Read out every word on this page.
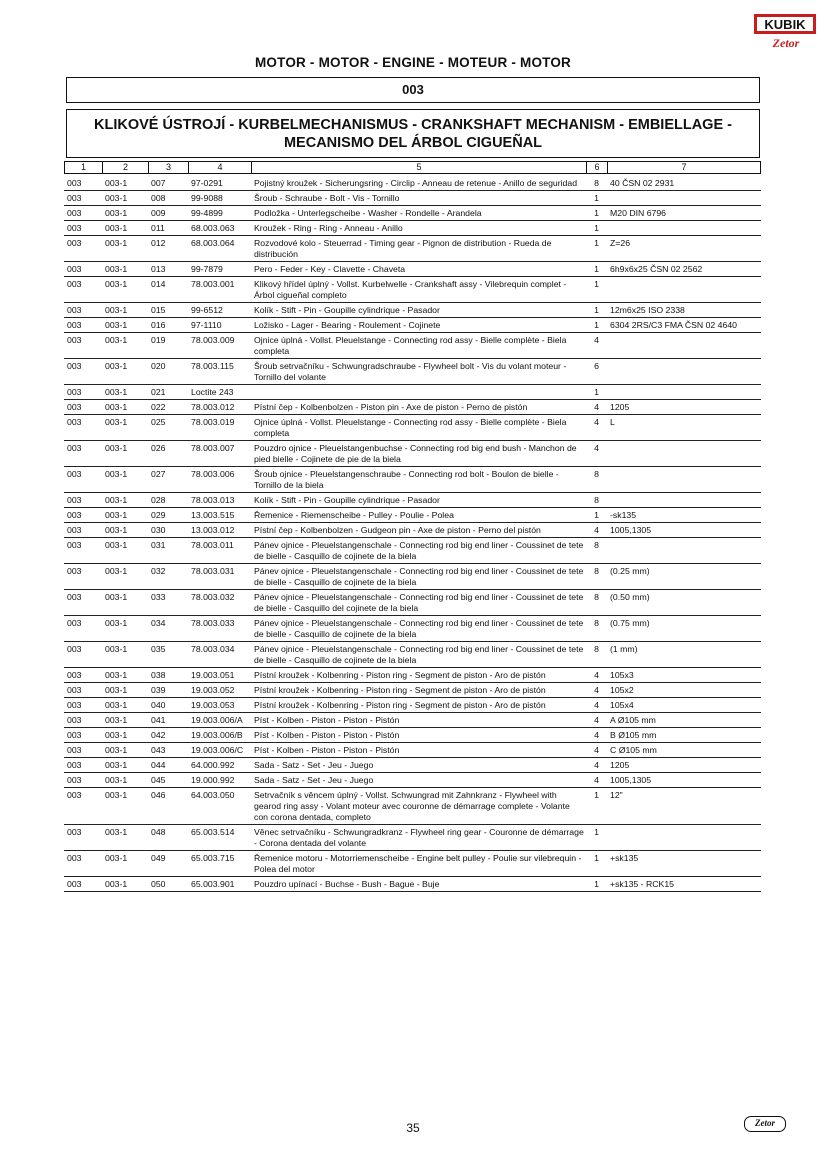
KUBIK
Zetor
MOTOR - MOTOR - ENGINE - MOTEUR - MOTOR
003
KLIKOVÉ ÚSTROJÍ - KURBELMECHANISMUS - CRANKSHAFT MECHANISM - EMBIELLAGE -
MECANISMO DEL ÁRBOL CIGUEÑAL
1	2	3	4	5	6	7
003	003-1	007	97-0291	Pojistný kroužek - Sicherungsring - Circlip - Anneau de retenue - Anillo de seguridad	8	40 ČSN 02 2931
003	003-1	008	99-9088	Šroub - Schraube - Bolt - Vis - Tornillo	1	
003	003-1	009	99-4899	Podložka - Unterlegscheibe - Washer - Rondelle - Arandela	1	M20 DIN 6796
003	003-1	011	68.003.063	Kroužek - Ring - Ring - Anneau - Anillo	1	
003	003-1	012	68.003.064	Rozvodové kolo - Steuerrad - Timing gear - Pignon de distribution - Rueda de distribución	1	Z=26
003	003-1	013	99-7879	Pero - Feder - Key - Clavette - Chaveta	1	6h9x6x25 ČSN 02 2562
003	003-1	014	78.003.001	Klikový hřídel úplný - Vollst. Kurbelwelle - Crankshaft assy - Vilebrequin complet - Árbol cigueñal completo	1	
003	003-1	015	99-6512	Kolík - Stift - Pin - Goupille cylindrique - Pasador	1	12m6x25 ISO 2338
003	003-1	016	97-1110	Ložisko - Lager - Bearing - Roulement - Cojinete	1	6304 2RS/C3 FMA ČSN 02 4640
003	003-1	019	78.003.009	Ojnice úplná - Vollst. Pleuelstange - Connecting rod assy - Bielle complète - Biela completa	4	
003	003-1	020	78.003.115	Šroub setrvačníku - Schwungradschraube - Flywheel bolt - Vis du volant moteur - Tornillo del volante	6	
003	003-1	021	Loctite 243		1	
003	003-1	022	78.003.012	Pístní čep - Kolbenbolzen - Piston pin - Axe de piston - Perno de pistón	4	1205
003	003-1	025	78.003.019	Ojnice úplná - Vollst. Pleuelstange - Connecting rod assy - Bielle complète - Biela completa	4	L
003	003-1	026	78.003.007	Pouzdro ojnice - Pleuelstangenbuchse - Connecting rod big end bush - Manchon de pied bielle - Cojinete de pie de la biela	4	
003	003-1	027	78.003.006	Šroub ojnice - Pleuelstangenschraube - Connecting rod bolt - Boulon de bielle - Tornillo de la biela	8	
003	003-1	028	78.003.013	Kolík - Stift - Pin - Goupille cylindrique - Pasador	8	
003	003-1	029	13.003.515	Řemenice - Riemenscheibe - Pulley - Poulie - Polea	1	-sk135
003	003-1	030	13.003.012	Pístní čep - Kolbenbolzen - Gudgeon pin - Axe de piston - Perno del pistón	4	1005,1305
003	003-1	031	78.003.011	Pánev ojnice - Pleuelstangenschale - Connecting rod big end liner - Coussinet de tete de bielle - Casquillo de cojinete de la biela	8	
003	003-1	032	78.003.031	Pánev ojnice - Pleuelstangenschale - Connecting rod big end liner - Coussinet de tete de bielle - Casquillo de cojinete de la biela	8	(0.25 mm)
003	003-1	033	78.003.032	Pánev ojnice - Pleuelstangenschale - Connecting rod big end liner - Coussinet de tete de bielle - Casquillo del cojinete de la biela	8	(0.50 mm)
003	003-1	034	78.003.033	Pánev ojnice - Pleuelstangenschale - Connecting rod big end liner - Coussinet de tete de bielle - Casquillo de cojinete de la biela	8	(0.75 mm)
003	003-1	035	78.003.034	Pánev ojnice - Pleuelstangenschale - Connecting rod big end liner - Coussinet de tete de bielle - Casquillo de cojinete de la biela	8	(1 mm)
003	003-1	038	19.003.051	Pístní kroužek - Kolbenring - Piston ring - Segment de piston - Aro de pistón	4	105x3
003	003-1	039	19.003.052	Pístní kroužek - Kolbenring - Piston ring - Segment de piston - Aro de pistón	4	105x2
003	003-1	040	19.003.053	Pístní kroužek - Kolbenring - Piston ring - Segment de piston - Aro de pistón	4	105x4
003	003-1	041	19.003.006/A	Píst - Kolben - Piston - Piston - Pistón	4	A Ø105 mm
003	003-1	042	19.003.006/B	Píst - Kolben - Piston - Piston - Pistón	4	B Ø105 mm
003	003-1	043	19.003.006/C	Píst - Kolben - Piston - Piston - Pistón	4	C Ø105 mm
003	003-1	044	64.000.992	Sada - Satz - Set - Jeu - Juego	4	1205
003	003-1	045	19.000.992	Sada - Satz - Set - Jeu - Juego	4	1005,1305
003	003-1	046	64.003.050	Setrvačník s věncem úplný - Vollst. Schwungrad mit Zahnkranz - Flywheel with gearod ring assy - Volant moteur avec couronne de démarrage complete - Volante con corona dentada, completo	1	12"
003	003-1	048	65.003.514	Věnec setrvačníku - Schwungradkranz - Flywheel ring gear - Couronne de démarrage - Corona dentada del volante	1	
003	003-1	049	65.003.715	Řemenice motoru - Motorriemenscheibe - Engine belt pulley - Poulie sur vilebrequin - Polea del motor	1	+sk135
003	003-1	050	65.003.901	Pouzdro upínací - Buchse - Bush - Bague - Buje	1	+sk135 - RCK15
35	Zetor
